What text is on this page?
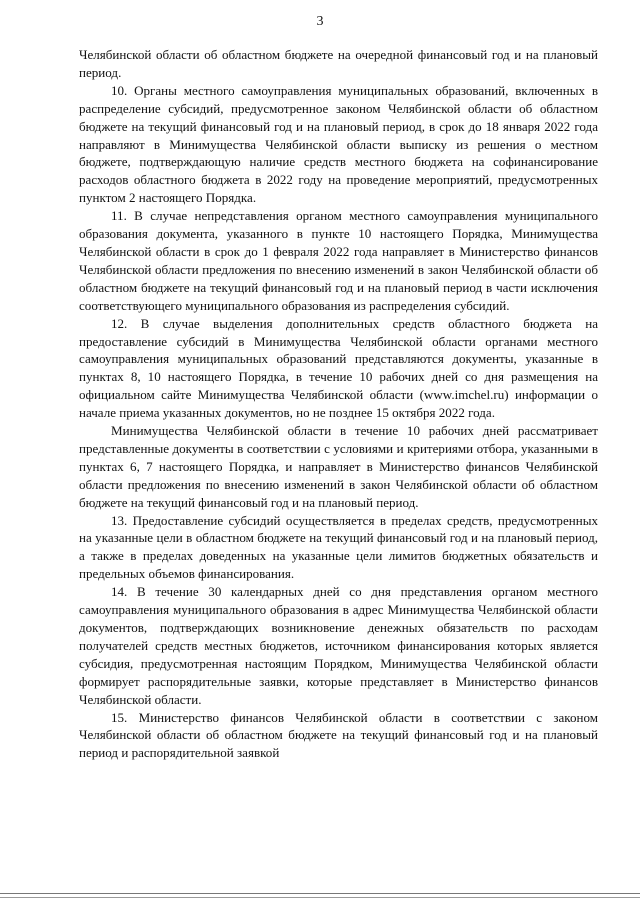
3

Челябинской области об областном бюджете на очередной финансовый год и на плановый период.

10. Органы местного самоуправления муниципальных образований, включенных в распределение субсидий, предусмотренное законом Челябинской области об областном бюджете на текущий финансовый год и на плановый период, в срок до 18 января 2022 года направляют в Минимущества Челябинской области выписку из решения о местном бюджете, подтверждающую наличие средств местного бюджета на софинансирование расходов областного бюджета в 2022 году на проведение мероприятий, предусмотренных пунктом 2 настоящего Порядка.

11. В случае непредставления органом местного самоуправления муниципального образования документа, указанного в пункте 10 настоящего Порядка, Минимущества Челябинской области в срок до 1 февраля 2022 года направляет в Министерство финансов Челябинской области предложения по внесению изменений в закон Челябинской области об областном бюджете на текущий финансовый год и на плановый период в части исключения соответствующего муниципального образования из распределения субсидий.

12. В случае выделения дополнительных средств областного бюджета на предоставление субсидий в Минимущества Челябинской области органами местного самоуправления муниципальных образований представляются документы, указанные в пунктах 8, 10 настоящего Порядка, в течение 10 рабочих дней со дня размещения на официальном сайте Минимущества Челябинской области (www.imchel.ru) информации о начале приема указанных документов, но не позднее 15 октября 2022 года.

Минимущества Челябинской области в течение 10 рабочих дней рассматривает представленные документы в соответствии с условиями и критериями отбора, указанными в пунктах 6, 7 настоящего Порядка, и направляет в Министерство финансов Челябинской области предложения по внесению изменений в закон Челябинской области об областном бюджете на текущий финансовый год и на плановый период.

13. Предоставление субсидий осуществляется в пределах средств, предусмотренных на указанные цели в областном бюджете на текущий финансовый год и на плановый период, а также в пределах доведенных на указанные цели лимитов бюджетных обязательств и предельных объемов финансирования.

14. В течение 30 календарных дней со дня представления органом местного самоуправления муниципального образования в адрес Минимущества Челябинской области документов, подтверждающих возникновение денежных обязательств по расходам получателей средств местных бюджетов, источником финансирования которых является субсидия, предусмотренная настоящим Порядком, Минимущества Челябинской области формирует распорядительные заявки, которые представляет в Министерство финансов Челябинской области.

15. Министерство финансов Челябинской области в соответствии с законом Челябинской области об областном бюджете на текущий финансовый год и на плановый период и распорядительной заявкой
